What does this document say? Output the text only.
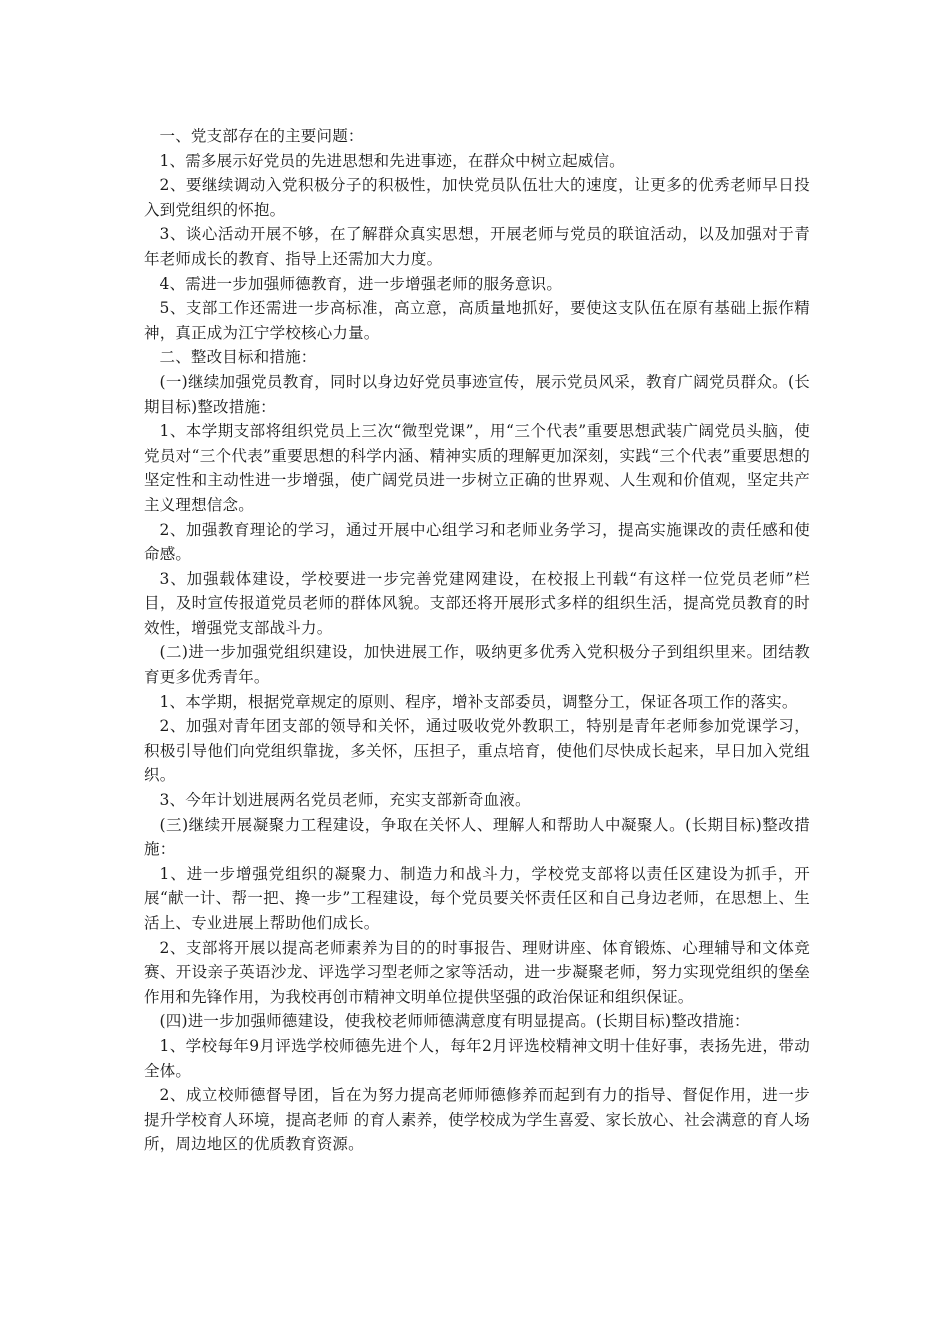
一、党支部存在的主要问题：

1、需多展示好党员的先进思想和先进事迹，在群众中树立起威信。

2、要继续调动入党积极分子的积极性，加快党员队伍壮大的速度，让更多的优秀老师早日投入到党组织的怀抱。

3、谈心活动开展不够，在了解群众真实思想，开展老师与党员的联谊活动，以及加强对于青年老师成长的教育、指导上还需加大力度。

4、需进一步加强师德教育，进一步增强老师的服务意识。

5、支部工作还需进一步高标准，高立意，高质量地抓好，要使这支队伍在原有基础上振作精神，真正成为江宁学校核心力量。

二、整改目标和措施：

(一)继续加强党员教育，同时以身边好党员事迹宣传，展示党员风采，教育广阔党员群众。(长期目标)整改措施：

1、本学期支部将组织党员上三次“微型党课”，用“三个代表”重要思想武装广阔党员头脑，使党员对“三个代表”重要思想的科学内涵、精神实质的理解更加深刻，实践“三个代表”重要思想的坚定性和主动性进一步增强，使广阔党员进一步树立正确的世界观、人生观和价值观，坚定共产主义理想信念。

2、加强教育理论的学习，通过开展中心组学习和老师业务学习，提高实施课改的责任感和使命感。

3、加强载体建设，学校要进一步完善党建网建设，在校报上刊载“有这样一位党员老师”栏目，及时宣传报道党员老师的群体风貌。支部还将开展形式多样的组织生活，提高党员教育的时效性，增强党支部战斗力。

(二)进一步加强党组织建设，加快进展工作，吸纳更多优秀入党积极分子到组织里来。团结教育更多优秀青年。

1、本学期，根据党章规定的原则、程序，增补支部委员，调整分工，保证各项工作的落实。

2、加强对青年团支部的领导和关怀，通过吸收党外教职工，特别是青年老师参加党课学习，积极引导他们向党组织靠拢，多关怀，压担子，重点培育，使他们尽快成长起来，早日加入党组织。

3、今年计划进展两名党员老师，充实支部新奇血液。

(三)继续开展凝聚力工程建设，争取在关怀人、理解人和帮助人中凝聚人。(长期目标)整改措施：

1、进一步增强党组织的凝聚力、制造力和战斗力，学校党支部将以责任区建设为抓手，开展“献一计、帮一把、搀一步”工程建设，每个党员要关怀责任区和自己身边老师，在思想上、生活上、专业进展上帮助他们成长。

2、支部将开展以提高老师素养为目的的时事报告、理财讲座、体育锻炼、心理辅导和文体竞赛、开设亲子英语沙龙、评选学习型老师之家等活动，进一步凝聚老师，努力实现党组织的堡垒作用和先锋作用，为我校再创市精神文明单位提供坚强的政治保证和组织保证。

(四)进一步加强师德建设，使我校老师师德满意度有明显提高。(长期目标)整改措施：

1、学校每年9月评选学校师德先进个人，每年2月评选校精神文明十佳好事，表扬先进，带动全体。

2、成立校师德督导团，旨在为努力提高老师师德修养而起到有力的指导、督促作用，进一步提升学校育人环境，提高老师 的育人素养，使学校成为学生喜爱、家长放心、社会满意的育人场所，周边地区的优质教育资源。
